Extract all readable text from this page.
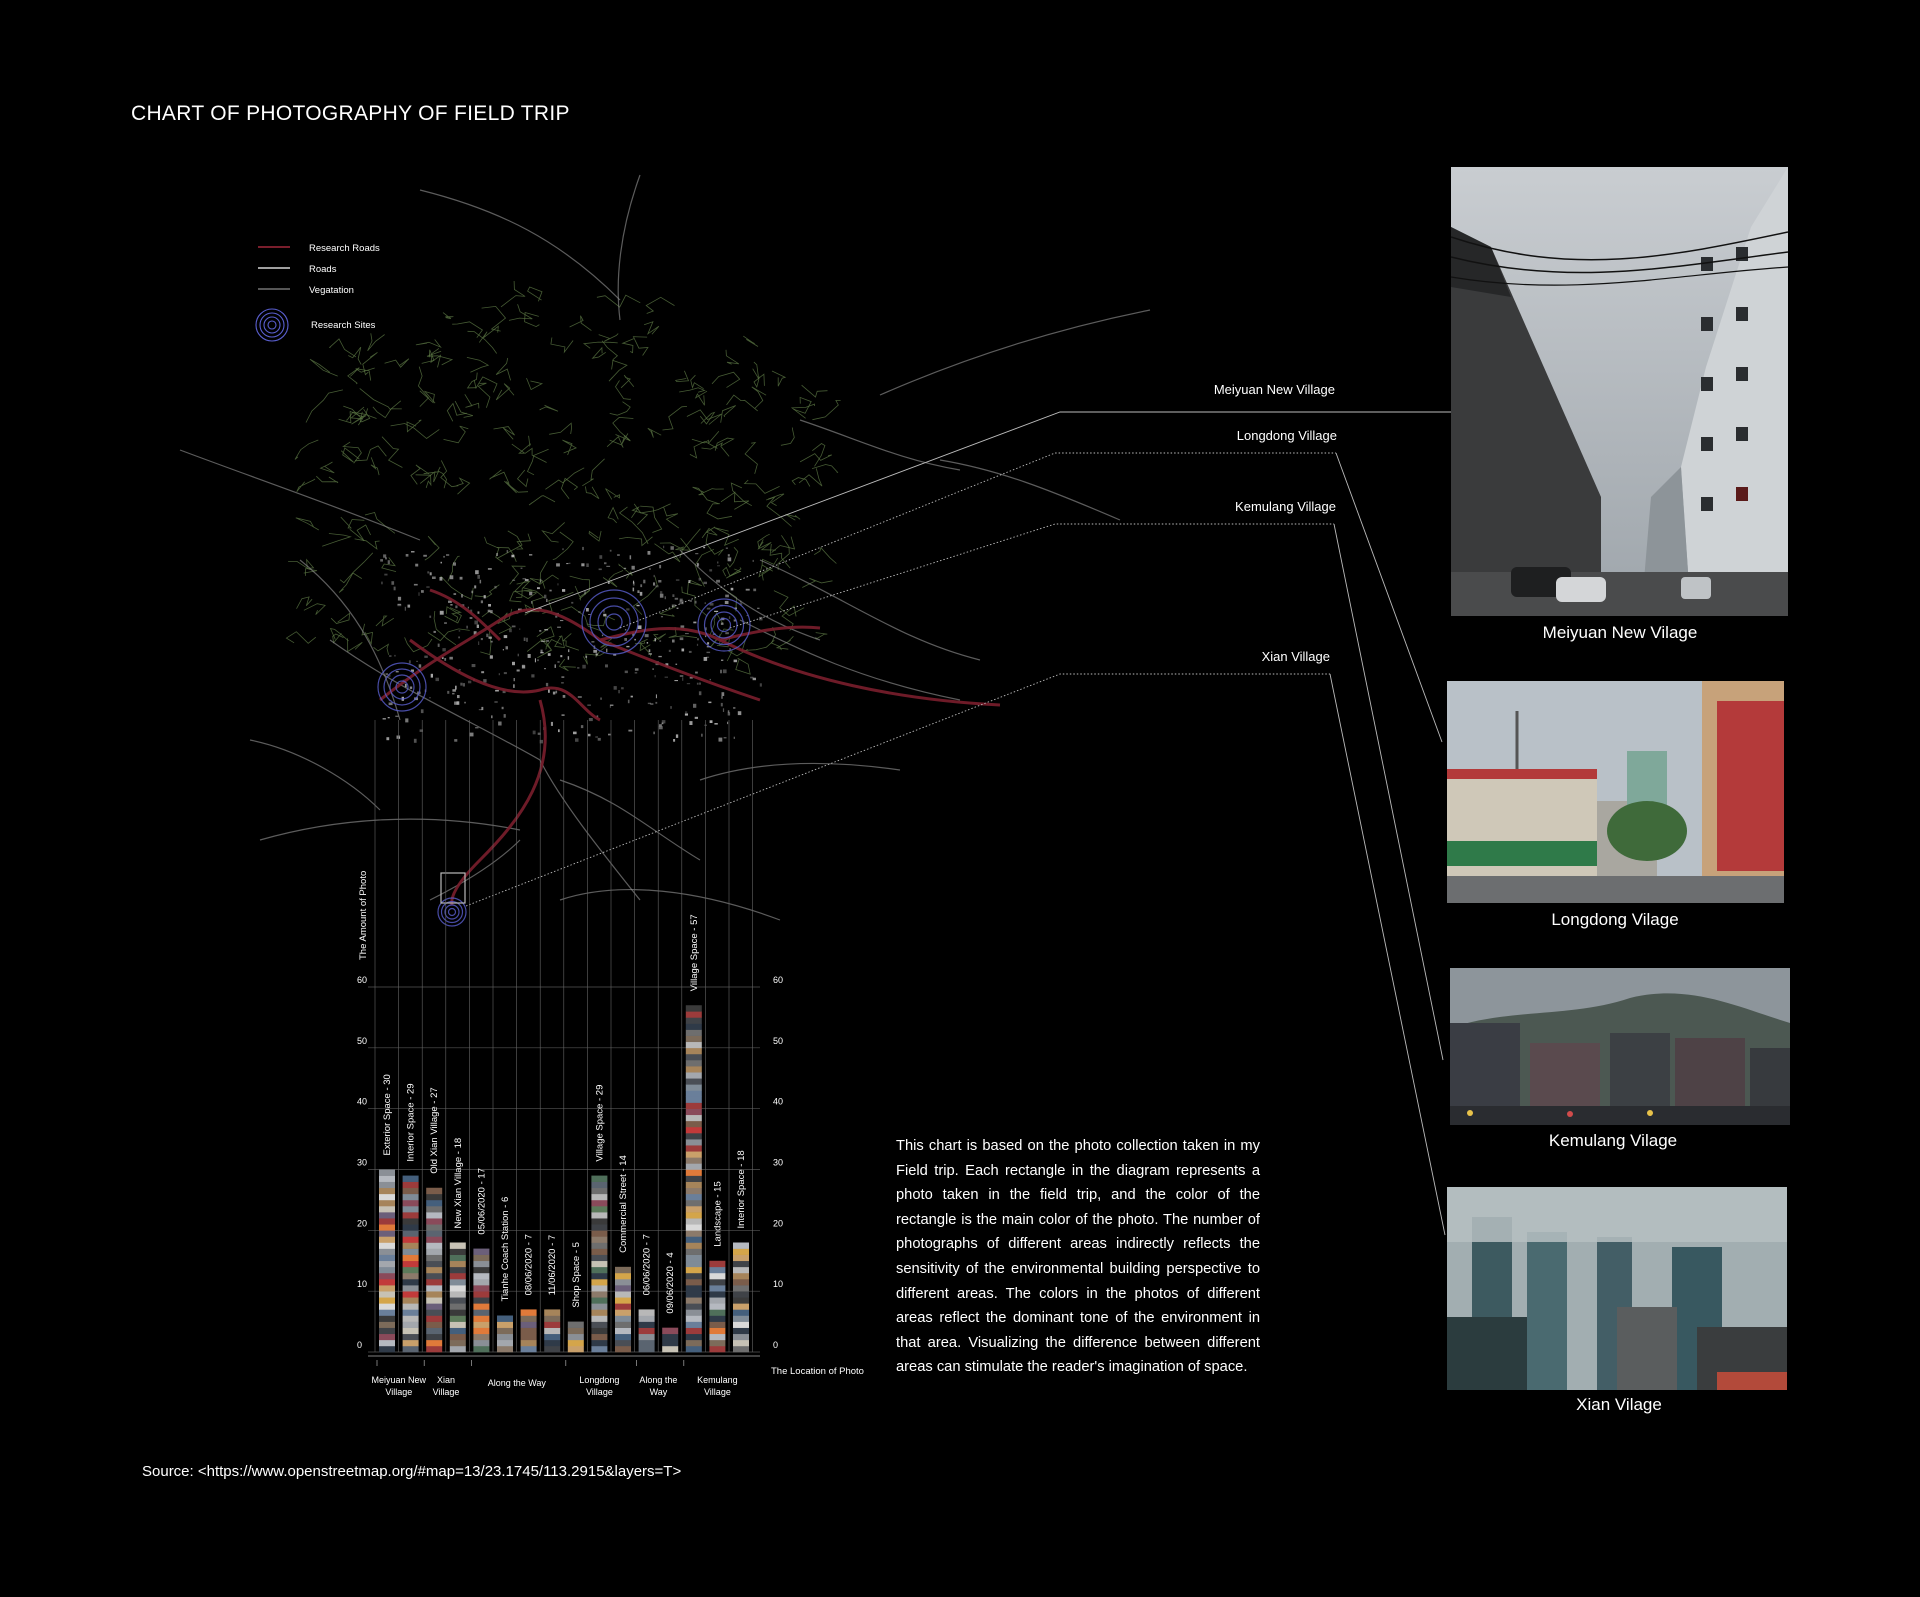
CHART OF PHOTOGRAPHY OF FIELD TRIP
Research Roads
Roads
Vegatation
Research Sites
Meiyuan New Village
Longdong Village
Kemulang Village
Xian Village
0	0
10	10
20	20
30	30
40	40
50	50
60	60
The Amount of Photo
The Location of Photo
Exterior Space - 30 Interior Space - 29 Old Xian Village - 27
New Xian Village - 18 05/06/2020 - 17 Tianhe Coach Station - 6 08/06/2020 - 7 11/06/2020 - 7 Shop Space - 5
Village Space - 29
Commercial Street - 14
06/06/2020 - 7 09/06/2020 - 4
Village Space - 57
Landscape - 15 Interior Space - 18
Meiyuan New
Village
Xian
Village
Along the Way	Longdong
Village
Along the
Way
Kemulang
Village
Meiyuan New Vilage
Longdong Vilage
Kemulang Vilage
Xian Vilage
This chart is based on the photo collection taken in my Field trip. Each rectangle in the diagram represents a photo taken in the field trip, and the color of the rectangle is the main color of the photo. The number of photographs of different areas indirectly reflects the sensitivity of the environmental building perspective to different areas. The colors in the photos of different areas reflect the dominant tone of the environment in that area. Visualizing the difference between different areas can stimulate the reader's imagination of space.
Source: <https://www.openstreetmap.org/#map=13/23.1745/113.2915&layers=T>
